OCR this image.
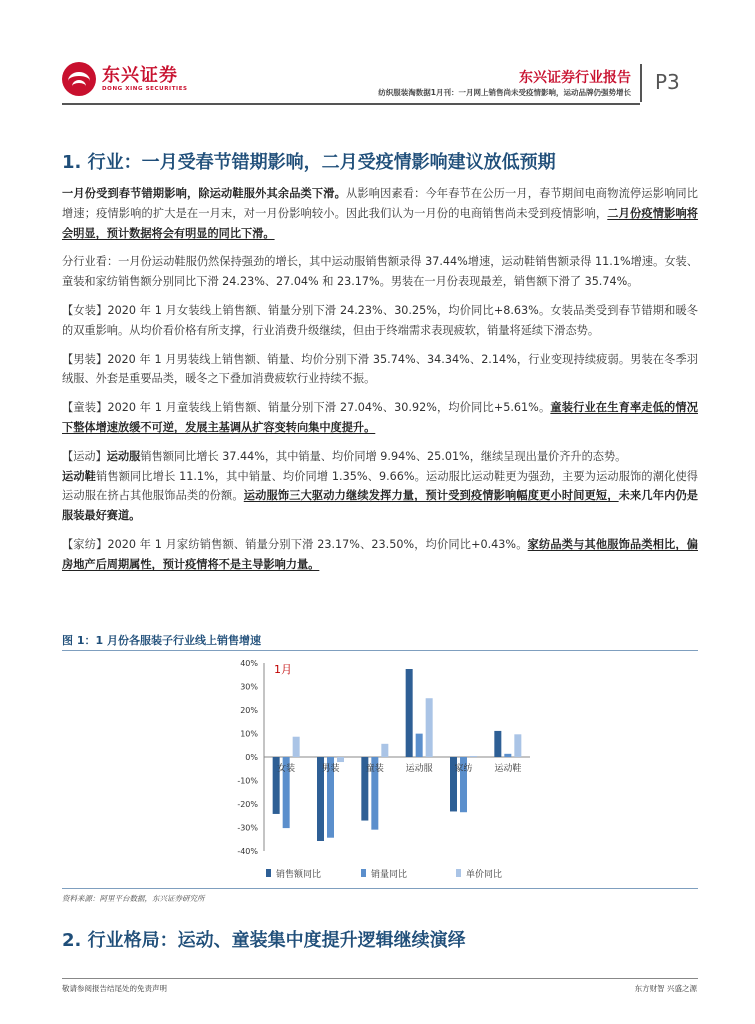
东兴证券
DONG XING SECURITIES
东兴证券行业报告
纺织服装淘数据1月刊：一月网上销售尚未受疫情影响，运动品牌仍强势增长 P3
1. 行业：一月受春节错期影响，二月受疫情影响建议放低预期

一月份受到春节错期影响，除运动鞋服外其余品类下滑。从影响因素看：今年春节在公历一月，春节期间电商物流停运影响同比增速；疫情影响的扩大是在一月末，对一月份影响较小。因此我们认为一月份的电商销售尚未受到疫情影响，二月份疫情影响将会明显，预计数据将会有明显的同比下滑。

分行业看：一月份运动鞋服仍然保持强劲的增长，其中运动服销售额录得 37.44%增速，运动鞋销售额录得 11.1%增速。女装、童装和家纺销售额分别同比下滑 24.23%、27.04% 和 23.17%。男装在一月份表现最差，销售额下滑了 35.74%。

【女装】2020 年 1 月女装线上销售额、销量分别下滑 24.23%、30.25%，均价同比+8.63%。女装品类受到春节错期和暖冬的双重影响。从均价看价格有所支撑，行业消费升级继续，但由于终端需求表现疲软，销量将延续下滑态势。

【男装】2020 年 1 月男装线上销售额、销量、均价分别下滑 35.74%、34.34%、2.14%，行业变现持续疲弱。男装在冬季羽绒服、外套是重要品类，暖冬之下叠加消费疲软行业持续不振。

【童装】2020 年 1 月童装线上销售额、销量分别下滑 27.04%、30.92%，均价同比+5.61%。童装行业在生育率走低的情况下整体增速放缓不可逆，发展主基调从扩容变转向集中度提升。

【运动】运动服销售额同比增长 37.44%，其中销量、均价同增 9.94%、25.01%，继续呈现出量价齐升的态势。
运动鞋销售额同比增长 11.1%，其中销量、均价同增 1.35%、9.66%。运动服比运动鞋更为强劲，主要为运动服饰的潮化使得运动服在挤占其他服饰品类的份额。运动服饰三大驱动力继续发挥力量，预计受到疫情影响幅度更小时间更短，未来几年内仍是服装最好赛道。

【家纺】2020 年 1 月家纺销售额、销量分别下滑 23.17%、23.50%，均价同比+0.43%。家纺品类与其他服饰品类相比，偏房地产后周期属性，预计疫情将不是主导影响力量。

图 1：1 月份各服装子行业线上销售增速
40%
30%
20%
10%
0%
-10%
-20%
-30%
-40%
女装	男装	童装 运动服 家纺 运动鞋
1月
销售额同比	销量同比	单价同比
资料来源：阿里平台数据，东兴证券研究所
2. 行业格局：运动、童装集中度提升逻辑继续演绎
敬请参阅报告结尾处的免责声明	东方财智 兴盛之源
